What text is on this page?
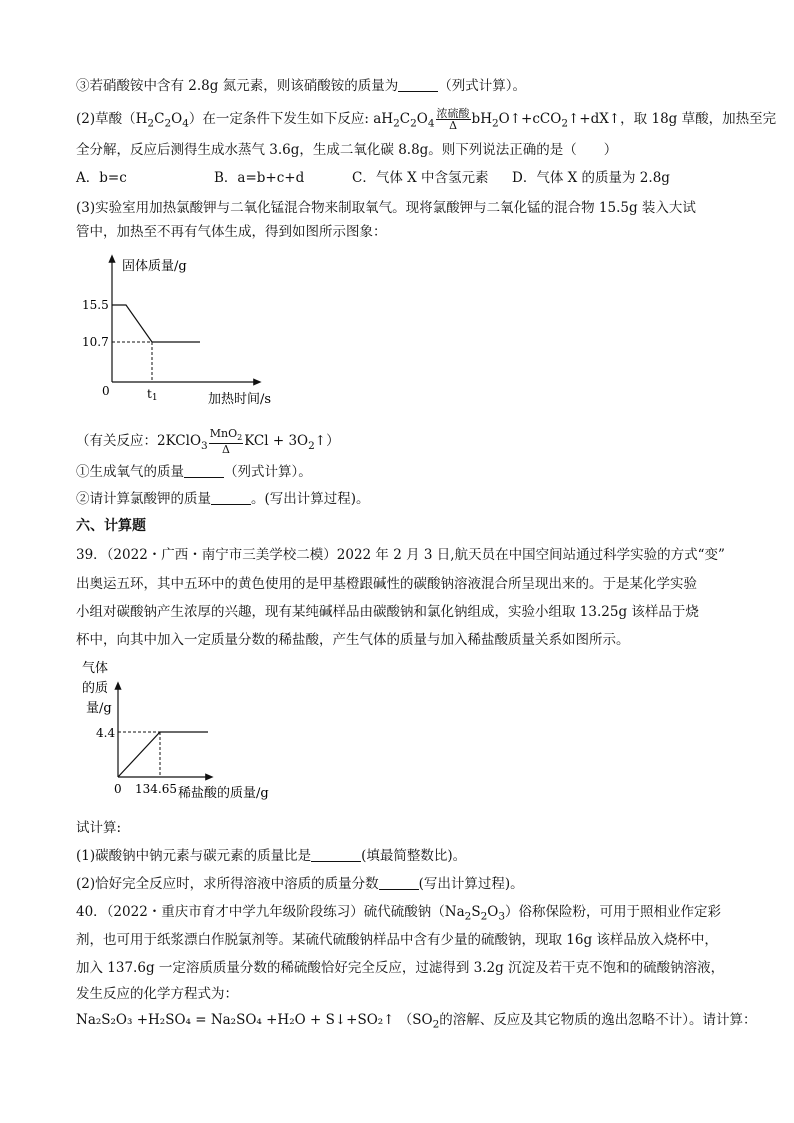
③若硝酸铵中含有 2.8g 氮元素，则该硝酸铵的质量为	（列式计算）。
(2)草酸$(H_2C_2O_4)$在一定条件下发生如下反应: $aH_2C_2O_4 \frac{\text{浓硫酸}}{\Delta}$ $bH_2O↑+cCO_2↑+dX↑$，取 18g 草酸，加热至完
全分解，反应后测得生成水蒸气 3.6g，生成二氧化碳 8.8g。则下列说法正确的是（　　）
A．b=c	B．a=b+c+d	C．气体 X 中含氢元素 D．气体 X 的质量为 2.8g
(3)实验室用加热氯酸钾与二氧化锰混合物来制取氧气。现将氯酸钾与二氧化锰的混合物 15.5g 装入大试
管中，加热至不再有气体生成，得到如图所示图象：
固体质量/g
15.5
10.7
0	t1	加热时间/s
（有关反应：2KClO$_3$ $\frac{MnO_2}{\Delta}$ KCl + $3O_2↑$）
①生成氧气的质量	（列式计算）。
②请计算氯酸钾的质量	。(写出计算过程)。
六、计算题
39．（2022・广西・南宁市三美学校二模）2022 年 2 月 3 日,航天员在中国空间站通过科学实验的方式“变”
出奥运五环，其中五环中的黄色使用的是甲基橙跟碱性的碳酸钠溶液混合所呈现出来的。于是某化学实验
小组对碳酸钠产生浓厚的兴趣，现有某纯碱样品由碳酸钠和氯化钠组成，实验小组取 13.25g 该样品于烧
杯中，向其中加入一定质量分数的稀盐酸，产生气体的质量与加入稀盐酸质量关系如图所示。
气体
的质
量/g
4.4
0 134.65 稀盐酸的质量/g
试计算:
(1)碳酸钠中钠元素与碳元素的质量比是	(填最简整数比)。
(2)恰好完全反应时，求所得溶液中溶质的质量分数	(写出计算过程)。
40．（2022・重庆市育才中学九年级阶段练习）硫代硫酸钠$(Na_2S_2O_3)$俗称保险粉，可用于照相业作定彩
剂，也可用于纸浆漂白作脱氯剂等。某硫代硫酸钠样品中含有少量的硫酸钠，现取 16g 该样品放入烧杯中，
加入 137.6g 一定溶质质量分数的稀硫酸恰好完全反应，过滤得到 3.2g 沉淀及若干克不饱和的硫酸钠溶液，
发生反应的化学方程式为：
Na₂S₂O₃ +H₂SO₄ = Na₂SO₄ +H₂O + S↓+SO₂↑ （$SO_2$的溶解、反应及其它物质的逸出忽略不计）。请计算：
